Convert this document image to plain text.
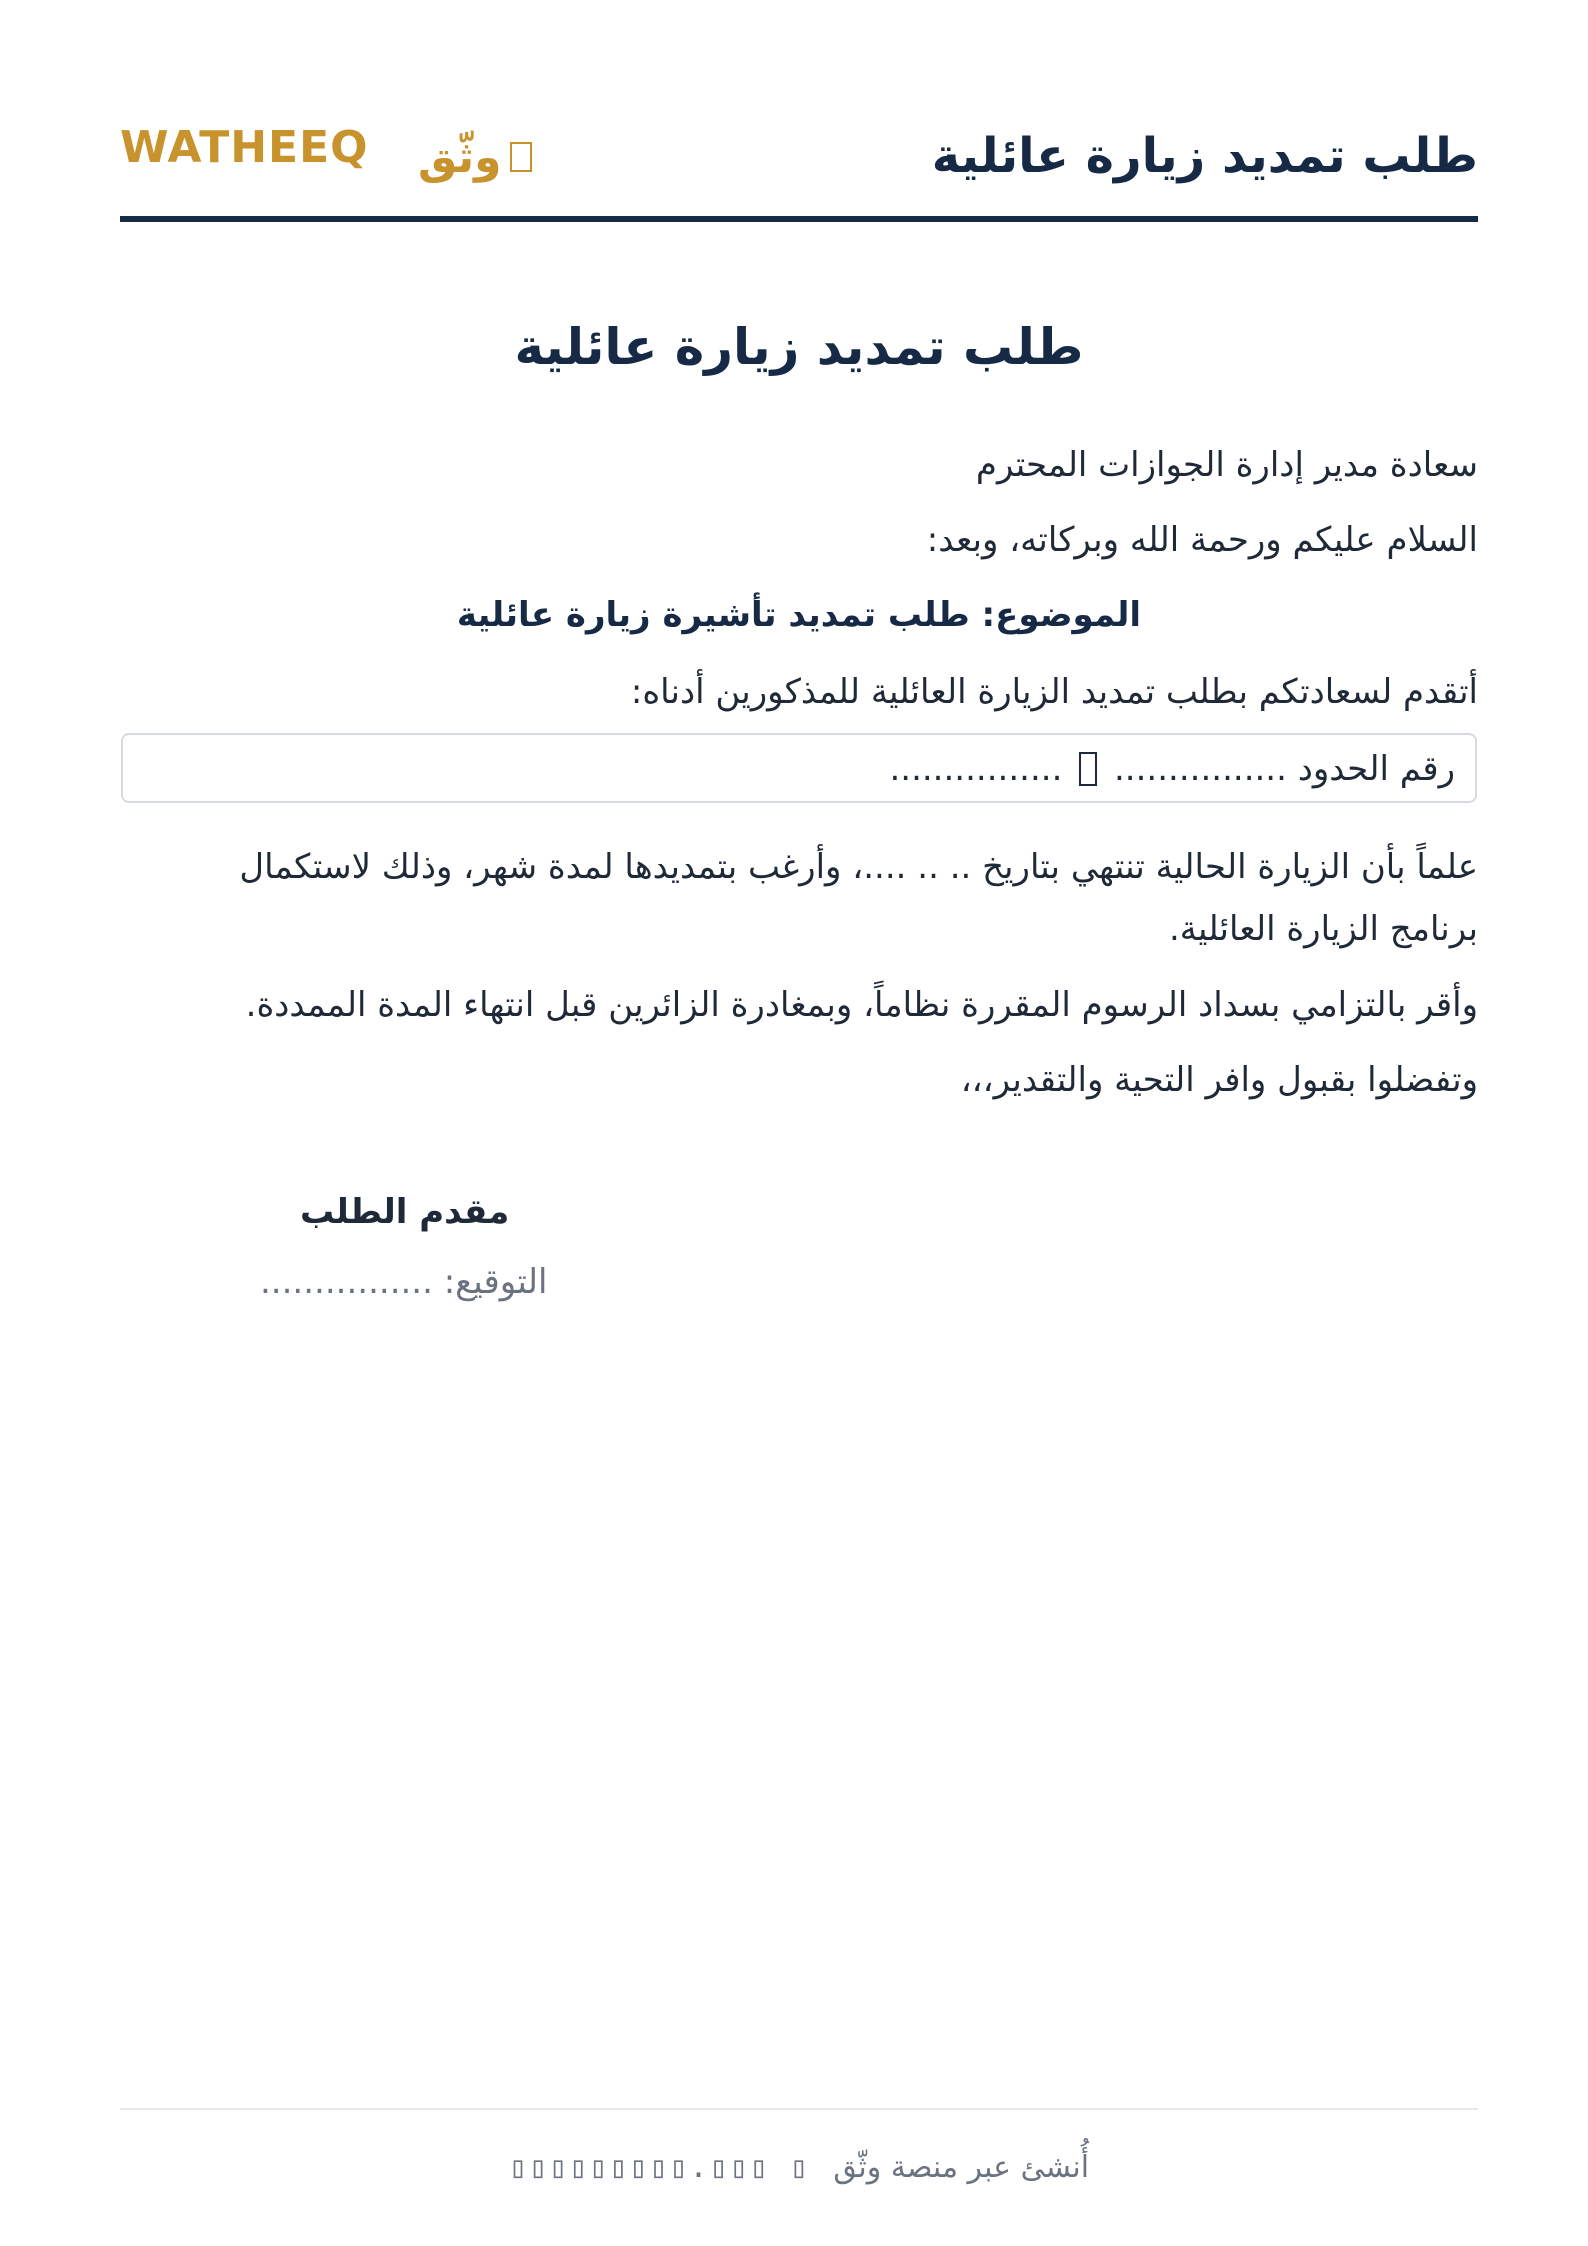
طلب تمديد زيارة عائلية
WATHEEQ وثّق
طلب تمديد زيارة عائلية
سعادة مدير إدارة الجوازات المحترم
السلام عليكم ورحمة الله وبركاته، وبعد:
الموضوع: طلب تمديد تأشيرة زيارة عائلية
أتقدم لسعادتكم بطلب تمديد الزيارة العائلية للمذكورين أدناه:
رقم الحدود ................  ................
علماً بأن الزيارة الحالية تنتهي بتاريخ .. .. ....، وأرغب بتمديدها لمدة شهر، وذلك لاستكمال برنامج الزيارة العائلية.
وأقر بالتزامي بسداد الرسوم المقررة نظاماً، وبمغادرة الزائرين قبل انتهاء المدة الممددة.
وتفضلوا بقبول وافر التحية والتقدير،،،
مقدم الطلب
التوقيع: ................
أُنشئ عبر منصة وثّق ▯ ▯▯▯.▯▯▯▯▯▯▯▯▯
